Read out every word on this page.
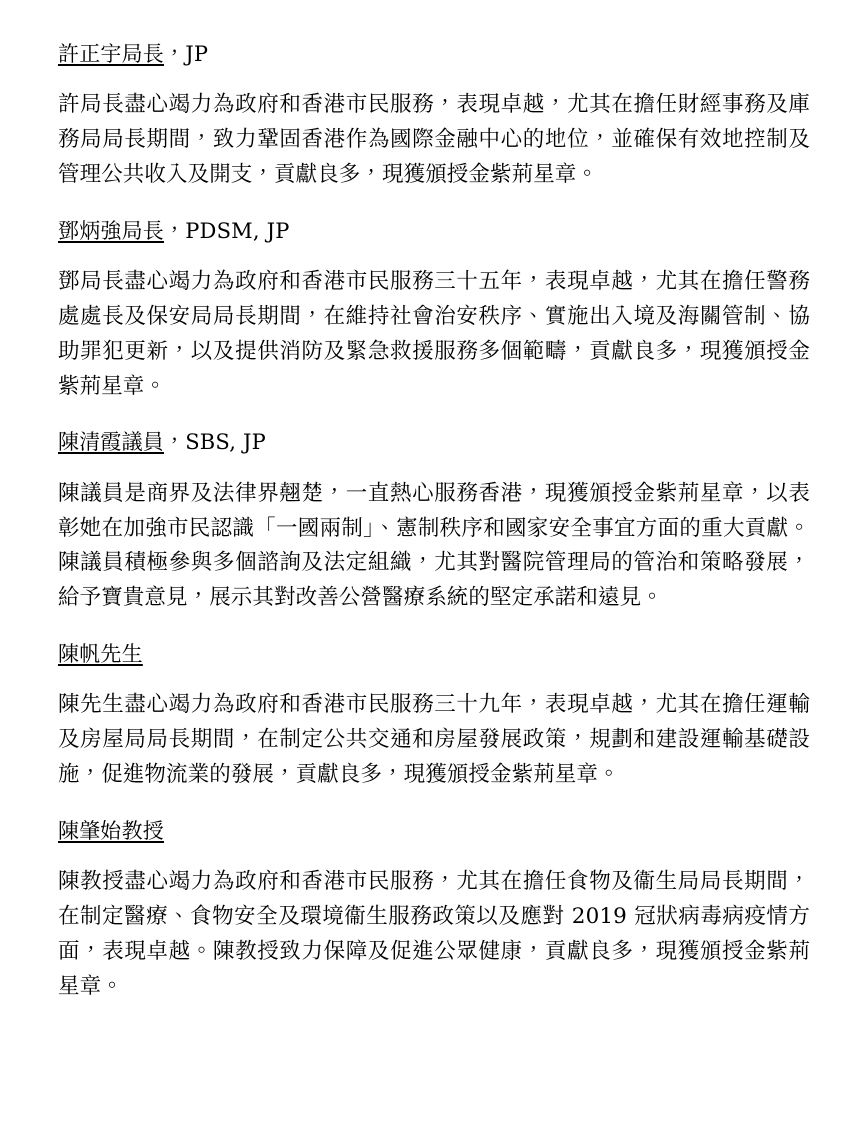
許正宇局長，JP

許局長盡心竭力為政府和香港市民服務，表現卓越，尤其在擔任財經事務及庫務局局長期間，致力鞏固香港作為國際金融中心的地位，並確保有效地控制及管理公共收入及開支，貢獻良多，現獲頒授金紫荊星章。

鄧炳強局長，PDSM, JP

鄧局長盡心竭力為政府和香港市民服務三十五年，表現卓越，尤其在擔任警務處處長及保安局局長期間，在維持社會治安秩序、實施出入境及海關管制、協助罪犯更新，以及提供消防及緊急救援服務多個範疇，貢獻良多，現獲頒授金紫荊星章。

陳清霞議員，SBS, JP

陳議員是商界及法律界翹楚，一直熱心服務香港，現獲頒授金紫荊星章，以表彰她在加強市民認識「一國兩制」、憲制秩序和國家安全事宜方面的重大貢獻。陳議員積極參與多個諮詢及法定組織，尤其對醫院管理局的管治和策略發展，給予寶貴意見，展示其對改善公營醫療系統的堅定承諾和遠見。

陳帆先生

陳先生盡心竭力為政府和香港市民服務三十九年，表現卓越，尤其在擔任運輸及房屋局局長期間，在制定公共交通和房屋發展政策，規劃和建設運輸基礎設施，促進物流業的發展，貢獻良多，現獲頒授金紫荊星章。

陳肇始教授

陳教授盡心竭力為政府和香港市民服務，尤其在擔任食物及衞生局局長期間，在制定醫療、食物安全及環境衞生服務政策以及應對 2019 冠狀病毒病疫情方面，表現卓越。陳教授致力保障及促進公眾健康，貢獻良多，現獲頒授金紫荊星章。
